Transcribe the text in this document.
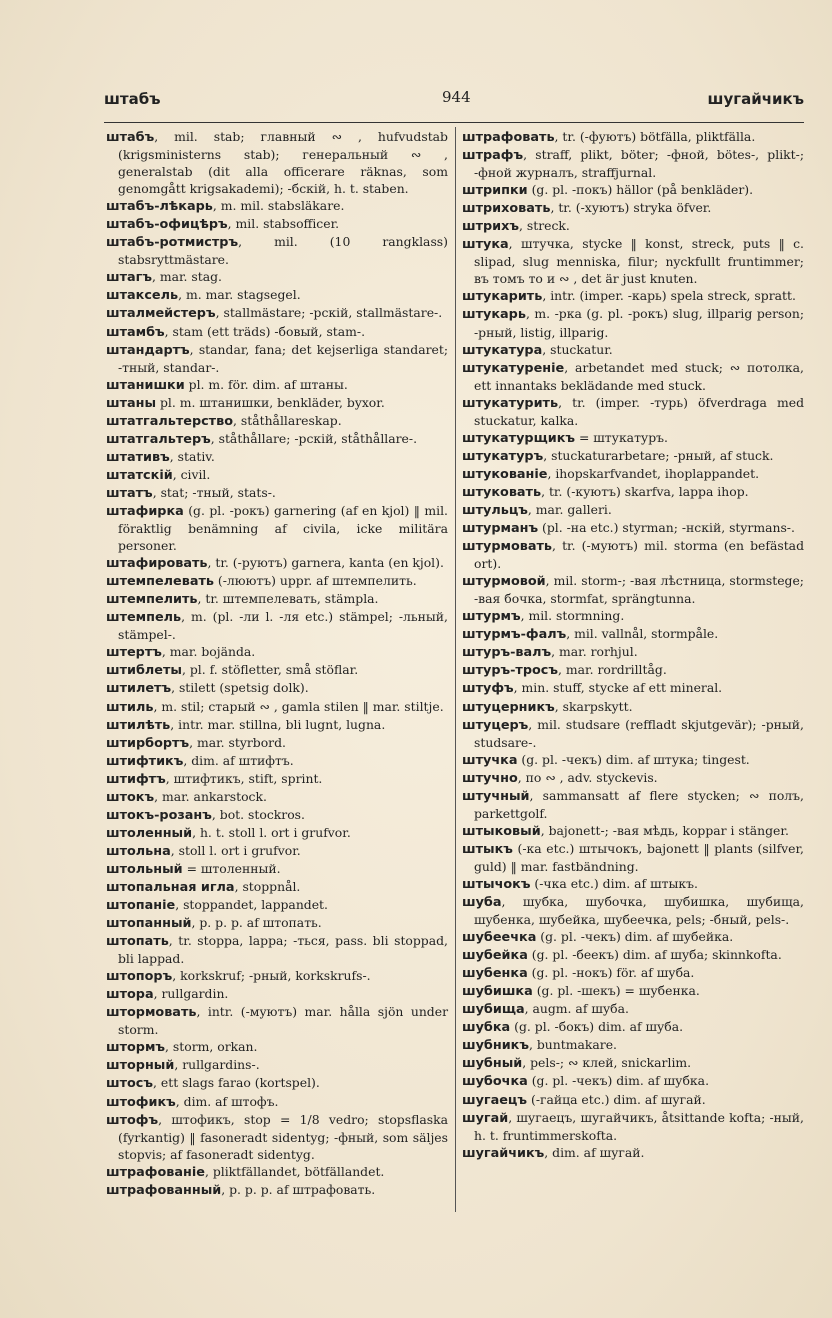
штабъ	944	шугайчикъ

штабъ, mil. stab; главный ∾ , hufvudstab (krigsministerns stab); генеральный ∾ , generalstab (dit alla officerare räknas, som genomgått krigsakademi); -бскій, h. t. staben.

штабъ-лѣкарь, m. mil. stabsläkare.

штабъ-офицѣръ, mil. stabsofficer.

штабъ-ротмистръ, mil. (10 rangklass) stabsryttmästare.

штагъ, mar. stag.

штаксель, m. mar. stagsegel.

шталмейстеръ, stallmästare; -рскій, stallmästare-.

штамбъ, stam (ett träds) -бовый, stam-.

штандартъ, standar, fana; det kejserliga standaret; -тный, standar-.

штанишки pl. m. för. dim. af штаны.

штаны pl. m. штанишки, benkläder, byxor.

штатгальтерство, ståthållareskap.

штатгальтеръ, ståthållare; -рскій, ståthållare-.

штативъ, stativ.

штатскій, civil.

штатъ, stat; -тный, stats-.

штафирка (g. pl. -рокъ) garnering (af en kjol) ‖ mil. föraktlig benämning af civila, icke militära personer.

штафировать, tr. (-руютъ) garnera, kanta (en kjol).

штемпелевать (-люютъ) uppr. af штемпелить.

штемпелить, tr. штемпелевать, stämpla.

штемпель, m. (pl. -ли l. -ля etc.) stämpel; -льный, stämpel-.

штертъ, mar. bojända.

штиблеты, pl. f. stöfletter, små stöflar.

штилетъ, stilett (spetsig dolk).

штиль, m. stil; старый ∾ , gamla stilen ‖ mar. stiltje.

штилѣть, intr. mar. stillna, bli lugnt, lugna.

штирбортъ, mar. styrbord.

штифтикъ, dim. af штифтъ.

штифтъ, штифтикъ, stift, sprint.

штокъ, mar. ankarstock.

штокъ-розанъ, bot. stockros.

штоленный, h. t. stoll l. ort i grufvor.

штольна, stoll l. ort i grufvor.

штольный = штоленный.

штопальная игла, stoppnål.

штопаніе, stoppandet, lappandet.

штопанный, p. p. p. af штопать.

штопать, tr. stoppa, lappa; -ться, pass. bli stoppad, bli lappad.

штопоръ, korkskruf; -рный, korkskrufs-.

штора, rullgardin.

штормовать, intr. (-муютъ) mar. hålla sjön under storm.

штормъ, storm, orkan.

шторный, rullgardins-.

штосъ, ett slags farao (kortspel).

штофикъ, dim. af штофъ.

штофъ, штофикъ, stop = 1/8 vedro; stopsflaska (fyrkantig) ‖ fasoneradt sidentyg; -фный, som säljes stopvis; af fasoneradt sidentyg.

штрафованіе, pliktfällandet, bötfällandet.

штрафованный, p. p. p. af штрафовать.

штрафовать, tr. (-фуютъ) bötfälla, pliktfälla.

штрафъ, straff, plikt, böter; -фной, bötes-, plikt-; -фной журналъ, straffjurnal.

штрипки (g. pl. -покъ) hällor (på benkläder).

штриховать, tr. (-хуютъ) stryka öfver.

штрихъ, streck.

штука, штучка, stycke ‖ konst, streck, puts ‖ c. slipad, slug menniska, filur; nyckfullt fruntimmer; въ томъ то и ∾ , det är just knuten.

штукарить, intr. (imper. -карь) spela streck, spratt.

штукарь, m. -рка (g. pl. -рокъ) slug, illparig person; -рный, listig, illparig.

штукатура, stuckatur.

штукатуреніе, arbetandet med stuck; ∾ потолка, ett innantaks beklädande med stuck.

штукатурить, tr. (imper. -турь) öfverdraga med stuckatur, kalka.

штукатурщикъ = штукатуръ.

штукатуръ, stuckaturarbetare; -рный, af stuck.

штукованіе, ihopskarfvandet, ihoplappandet.

штуковать, tr. (-куютъ) skarfva, lappa ihop.

штульцъ, mar. galleri.

штурманъ (pl. -на etc.) styrman; -нскій, styrmans-.

штурмовать, tr. (-муютъ) mil. storma (en befästad ort).

штурмовой, mil. storm-; -вая лѣстница, stormstege; -вая бочка, stormfat, sprängtunna.

штурмъ, mil. stormning.

штурмъ-фалъ, mil. vallnål, stormpåle.

штуръ-валъ, mar. rorhjul.

штуръ-тросъ, mar. rordrilltåg.

штуфъ, min. stuff, stycke af ett mineral.

штуцерникъ, skarpskytt.

штуцеръ, mil. studsare (reffladt skjutgevär); -рный, studsare-.

штучка (g. pl. -чекъ) dim. af штука; tingest.

штучно, по ∾ , adv. styckevis.

штучный, sammansatt af flere stycken; ∾ полъ, parkettgolf.

штыковый, bajonett-; -вая мѣдь, koppar i stänger.

штыкъ (-ка etc.) штычокъ, bajonett ‖ plants (silfver, guld) ‖ mar. fastbändning.

штычокъ (-чка etc.) dim. af штыкъ.

шуба, шубка, шубочка, шубишка, шубища, шубенка, шубейка, шубеечка, pels; -бный, pels-.

шубеечка (g. pl. -чекъ) dim. af шубейка.

шубейка (g. pl. -беекъ) dim. af шуба; skinnkofta.

шубенка (g. pl. -нокъ) för. af шуба.

шубишка (g. pl. -шекъ) = шубенка.

шубища, augm. af шуба.

шубка (g. pl. -бокъ) dim. af шуба.

шубникъ, buntmakare.

шубный, pels-; ∾ клей, snickarlim.

шубочка (g. pl. -чекъ) dim. af шубка.

шугаецъ (-гайца etc.) dim. af шугай.

шугай, шугаецъ, шугайчикъ, åtsittande kofta; -ный, h. t. fruntimmerskofta.

шугайчикъ, dim. af шугай.
